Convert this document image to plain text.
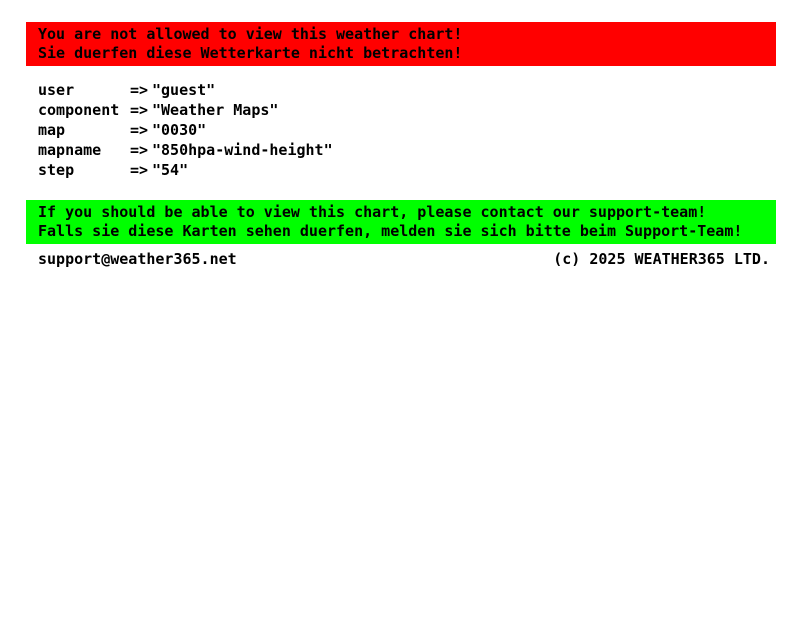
You are not allowed to view this weather chart!
Sie duerfen diese Wetterkarte nicht betrachten!
user	=> "guest"
component => "Weather Maps"
map	=> "0030"
mapname	=> "850hpa-wind-height"
step	=> "54"
If you should be able to view this chart, please contact our support-team!
Falls sie diese Karten sehen duerfen, melden sie sich bitte beim Support-Team!
support@weather365.net	(c) 2025 WEATHER365 LTD.
